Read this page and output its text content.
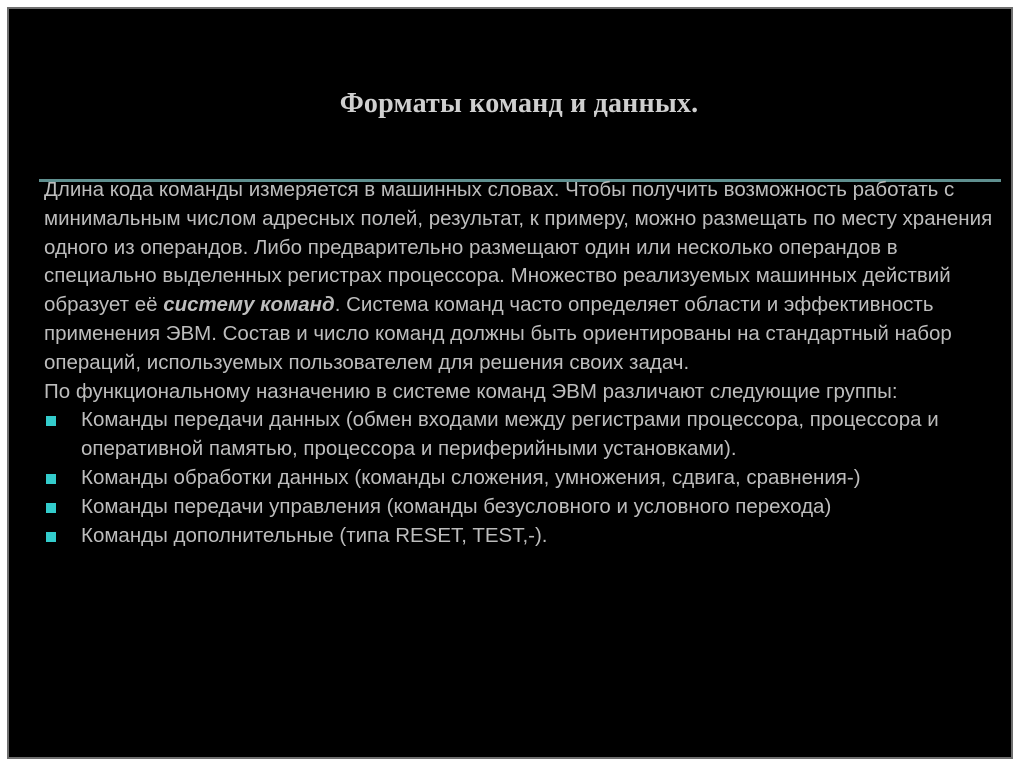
Форматы команд и данных.

Длина кода команды измеряется в машинных словах. Чтобы получить возможность работать с минимальным числом адресных полей, результат, к примеру, можно размещать по месту хранения одного из операндов. Либо предварительно размещают один или несколько операндов в специально выделенных регистрах процессора. Множество реализуемых машинных действий образует её систему команд. Система команд часто определяет области и эффективность применения ЭВМ. Состав и число команд должны быть ориентированы на стандартный набор операций, используемых пользователем для решения своих задач.

По функциональному назначению в системе команд ЭВМ различают следующие группы:

Команды передачи данных (обмен входами между регистрами процессора, процессора и оперативной памятью, процессора и периферийными установками).
Команды обработки данных (команды сложения, умножения, сдвига, сравнения-)
Команды передачи управления (команды безусловного и условного перехода)
Команды дополнительные (типа RESET, TEST,-).
